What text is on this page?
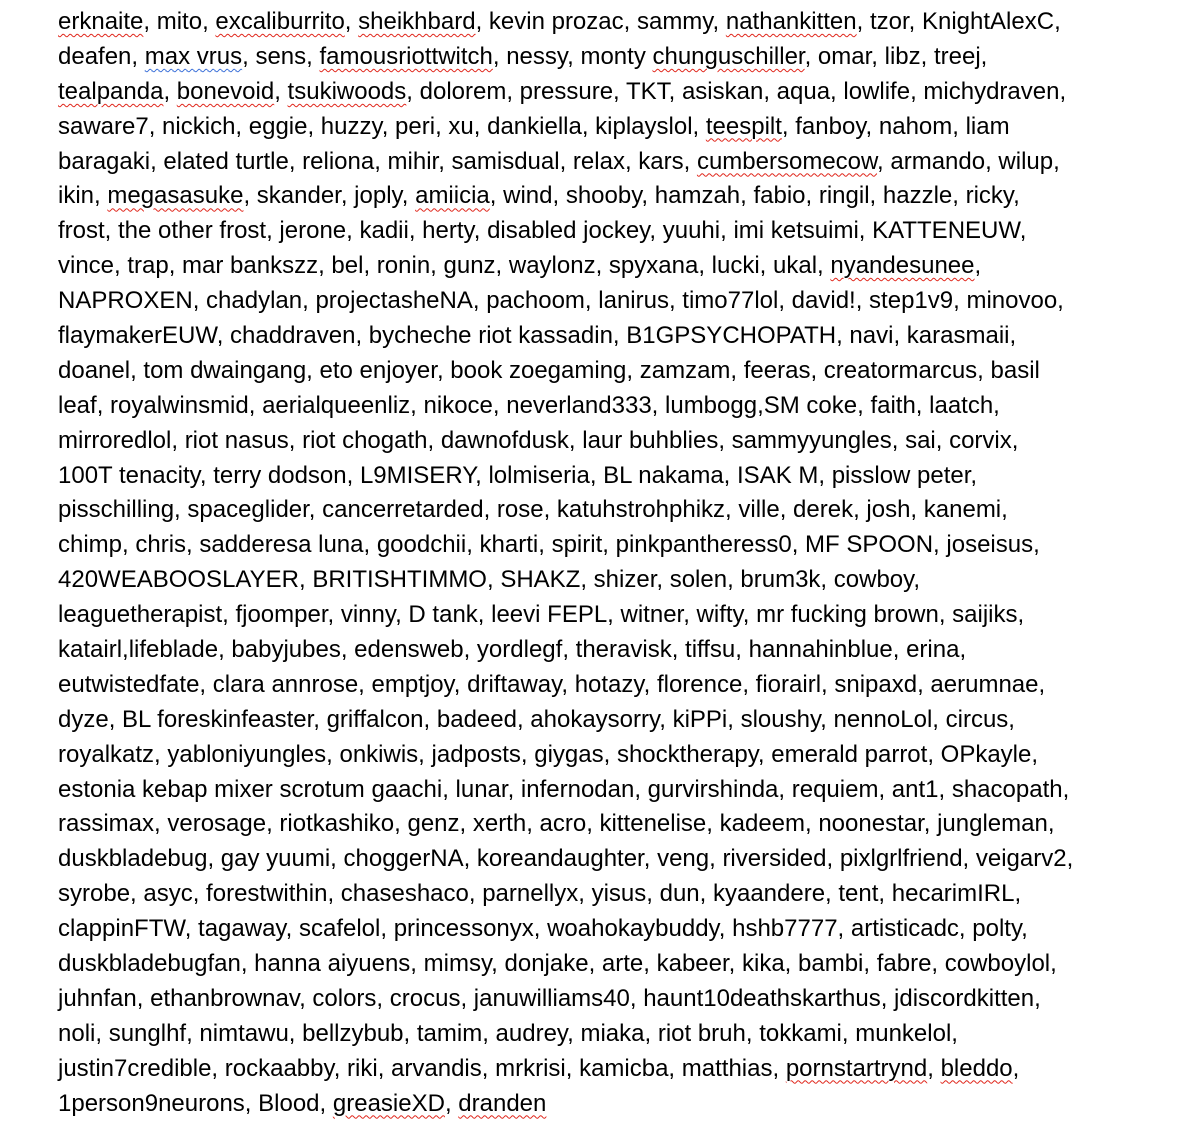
erknaite, mito, excaliburrito, sheikhbard, kevin prozac, sammy, nathankitten, tzor, KnightAlexC,
deafen, max vrus, sens, famousriottwitch, nessy, monty chunguschiller, omar, libz, treej,
tealpanda, bonevoid, tsukiwoods, dolorem, pressure, TKT, asiskan, aqua, lowlife, michydraven,
saware7, nickich, eggie, huzzy, peri, xu, dankiella, kiplayslol, teespilt, fanboy, nahom, liam
baragaki, elated turtle, reliona, mihir, samisdual, relax, kars, cumbersomecow, armando, wilup,
ikin, megasasuke, skander, joply, amiicia, wind, shooby, hamzah, fabio, ringil, hazzle, ricky,
frost, the other frost, jerone, kadii, herty, disabled jockey, yuuhi, imi ketsuimi, KATTENEUW,
vince, trap, mar bankszz, bel, ronin, gunz, waylonz, spyxana, lucki, ukal, nyandesunee,
NAPROXEN, chadylan, projectasheNA, pachoom, lanirus, timo77lol, david!, step1v9, minovoo,
flaymakerEUW, chaddraven, bycheche riot kassadin, B1GPSYCHOPATH, navi, karasmaii,
doanel, tom dwaingang, eto enjoyer, book zoegaming, zamzam, feeras, creatormarcus, basil
leaf, royalwinsmid, aerialqueenliz, nikoce, neverland333, lumbogg,SM coke, faith, laatch,
mirroredlol, riot nasus, riot chogath, dawnofdusk, laur buhblies, sammyyungles, sai, corvix,
100T tenacity, terry dodson, L9MISERY, lolmiseria, BL nakama, ISAK M, pisslow peter,
pisschilling, spaceglider, cancerretarded, rose, katuhstrohphikz, ville, derek, josh, kanemi,
chimp, chris, sadderesa luna, goodchii, kharti, spirit, pinkpantheress0, MF SPOON, joseisus,
420WEABOOSLAYER, BRITISHTIMMO, SHAKZ, shizer, solen, brum3k, cowboy,
leaguetherapist, fjoomper, vinny, D tank, leevi FEPL, witner, wifty, mr fucking brown, saijiks,
katairl,lifeblade, babyjubes, edensweb, yordlegf, theravisk, tiffsu, hannahinblue, erina,
eutwistedfate, clara annrose, emptjoy, driftaway, hotazy, florence, fiorairl, snipaxd, aerumnae,
dyze, BL foreskinfeaster, griffalcon, badeed, ahokaysorry, kiPPi, sloushy, nennoLol, circus,
royalkatz, yabloniyungles, onkiwis, jadposts, giygas, shocktherapy, emerald parrot, OPkayle,
estonia kebap mixer scrotum gaachi, lunar, infernodan, gurvirshinda, requiem, ant1, shacopath,
rassimax, verosage, riotkashiko, genz, xerth, acro, kittenelise, kadeem, noonestar, jungleman,
duskbladebug, gay yuumi, choggerNA, koreandaughter, veng, riversided, pixlgrlfriend, veigarv2,
syrobe, asyc, forestwithin, chaseshaco, parnellyx, yisus, dun, kyaandere, tent, hecarimIRL,
clappinFTW, tagaway, scafelol, princessonyx, woahokaybuddy, hshb7777, artisticadc, polty,
duskbladebugfan, hanna aiyuens, mimsy, donjake, arte, kabeer, kika, bambi, fabre, cowboylol,
juhnfan, ethanbrownav, colors, crocus, januwilliams40, haunt10deathskarthus, jdiscordkitten,
noli, sunglhf, nimtawu, bellzybub, tamim, audrey, miaka, riot bruh, tokkami, munkelol,
justin7credible, rockaabby, riki, arvandis, mrkrisi, kamicba, matthias, pornstartrynd, bleddo,
1person9neurons, Blood, greasieXD, dranden
